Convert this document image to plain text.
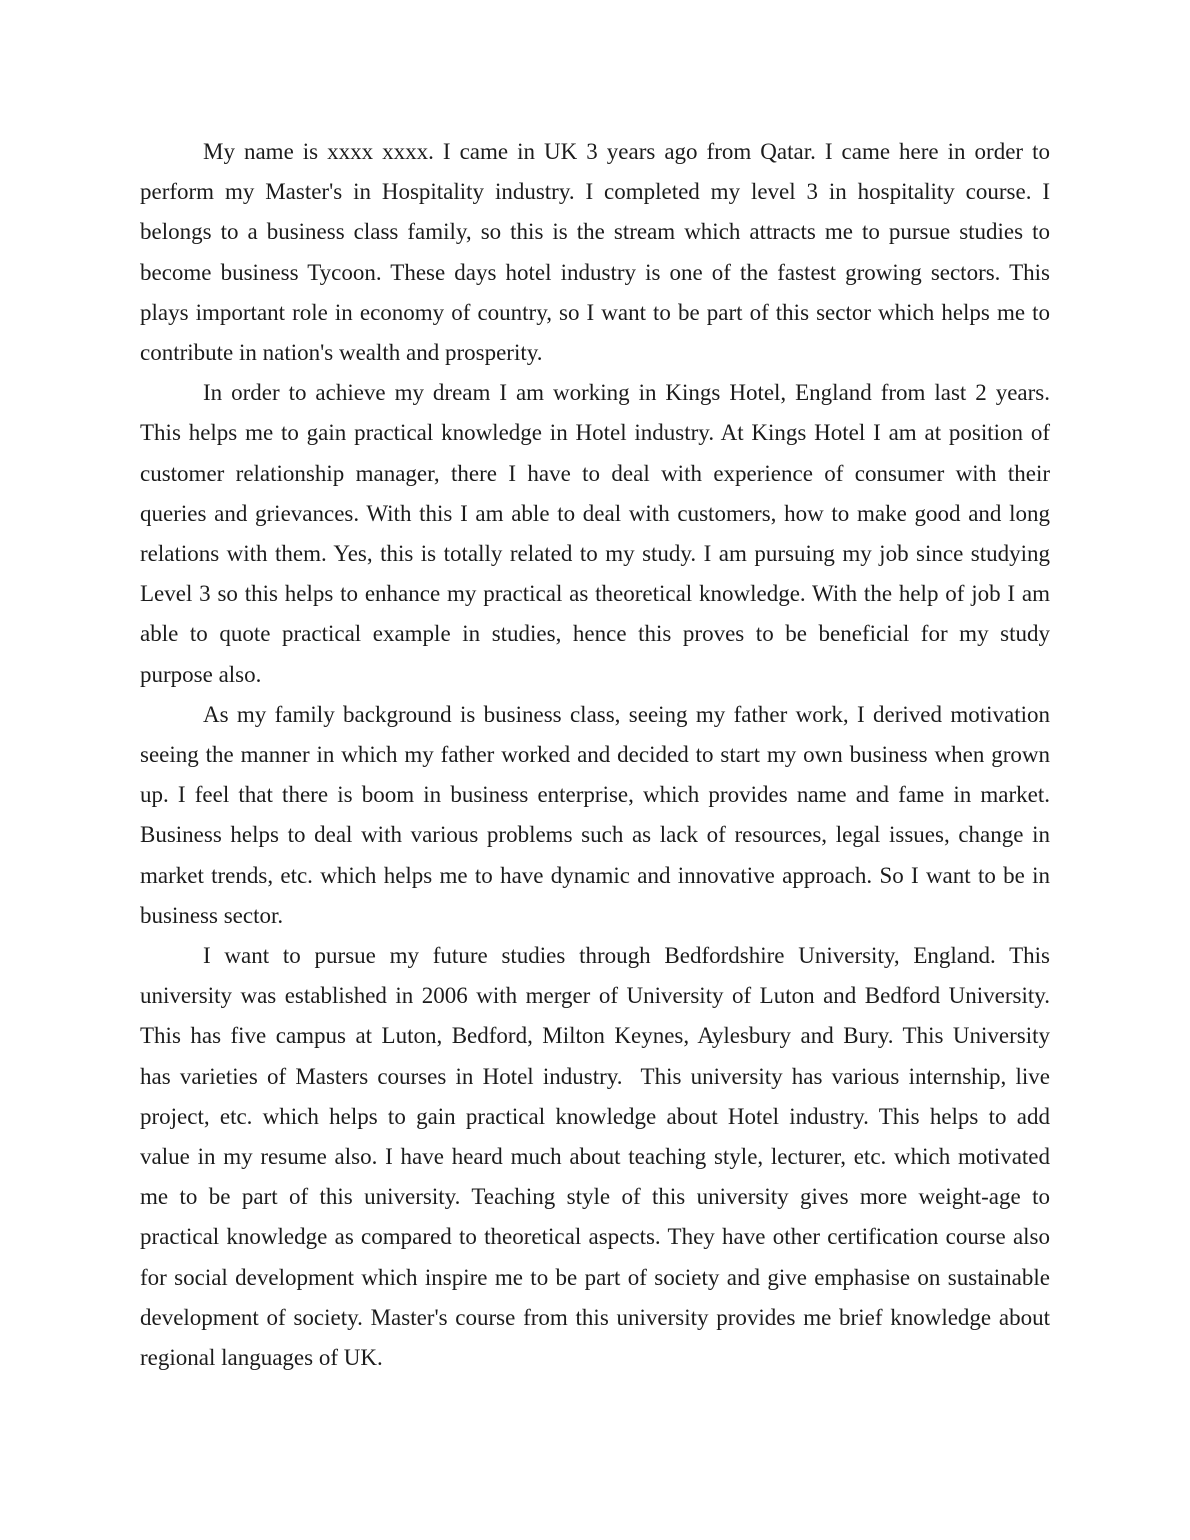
My name is xxxx xxxx. I came in UK 3 years ago from Qatar. I came here in order to
perform my Master's in Hospitality industry. I completed my level 3 in hospitality course. I
belongs to a business class family, so this is the stream which attracts me to pursue studies to
become business Tycoon. These days hotel industry is one of the fastest growing sectors. This
plays important role in economy of country, so I want to be part of this sector which helps me to
contribute in nation's wealth and prosperity.
In order to achieve my dream I am working in Kings Hotel, England from last 2 years.
This helps me to gain practical knowledge in Hotel industry. At Kings Hotel I am at position of
customer relationship manager, there I have to deal with experience of consumer with their
queries and grievances. With this I am able to deal with customers, how to make good and long
relations with them. Yes, this is totally related to my study. I am pursuing my job since studying
Level 3 so this helps to enhance my practical as theoretical knowledge. With the help of job I am
able to quote practical example in studies, hence this proves to be beneficial for my study
purpose also.
As my family background is business class, seeing my father work, I derived motivation
seeing the manner in which my father worked and decided to start my own business when grown
up. I feel that there is boom in business enterprise, which provides name and fame in market.
Business helps to deal with various problems such as lack of resources, legal issues, change in
market trends, etc. which helps me to have dynamic and innovative approach. So I want to be in
business sector.
I want to pursue my future studies through Bedfordshire University, England. This
university was established in 2006 with merger of University of Luton and Bedford University.
This has five campus at Luton, Bedford, Milton Keynes, Aylesbury and Bury. This University
has varieties of Masters courses in Hotel industry.  This university has various internship, live
project, etc. which helps to gain practical knowledge about Hotel industry. This helps to add
value in my resume also. I have heard much about teaching style, lecturer, etc. which motivated
me to be part of this university. Teaching style of this university gives more weight-age to
practical knowledge as compared to theoretical aspects. They have other certification course also
for social development which inspire me to be part of society and give emphasise on sustainable
development of society. Master's course from this university provides me brief knowledge about
regional languages of UK.
